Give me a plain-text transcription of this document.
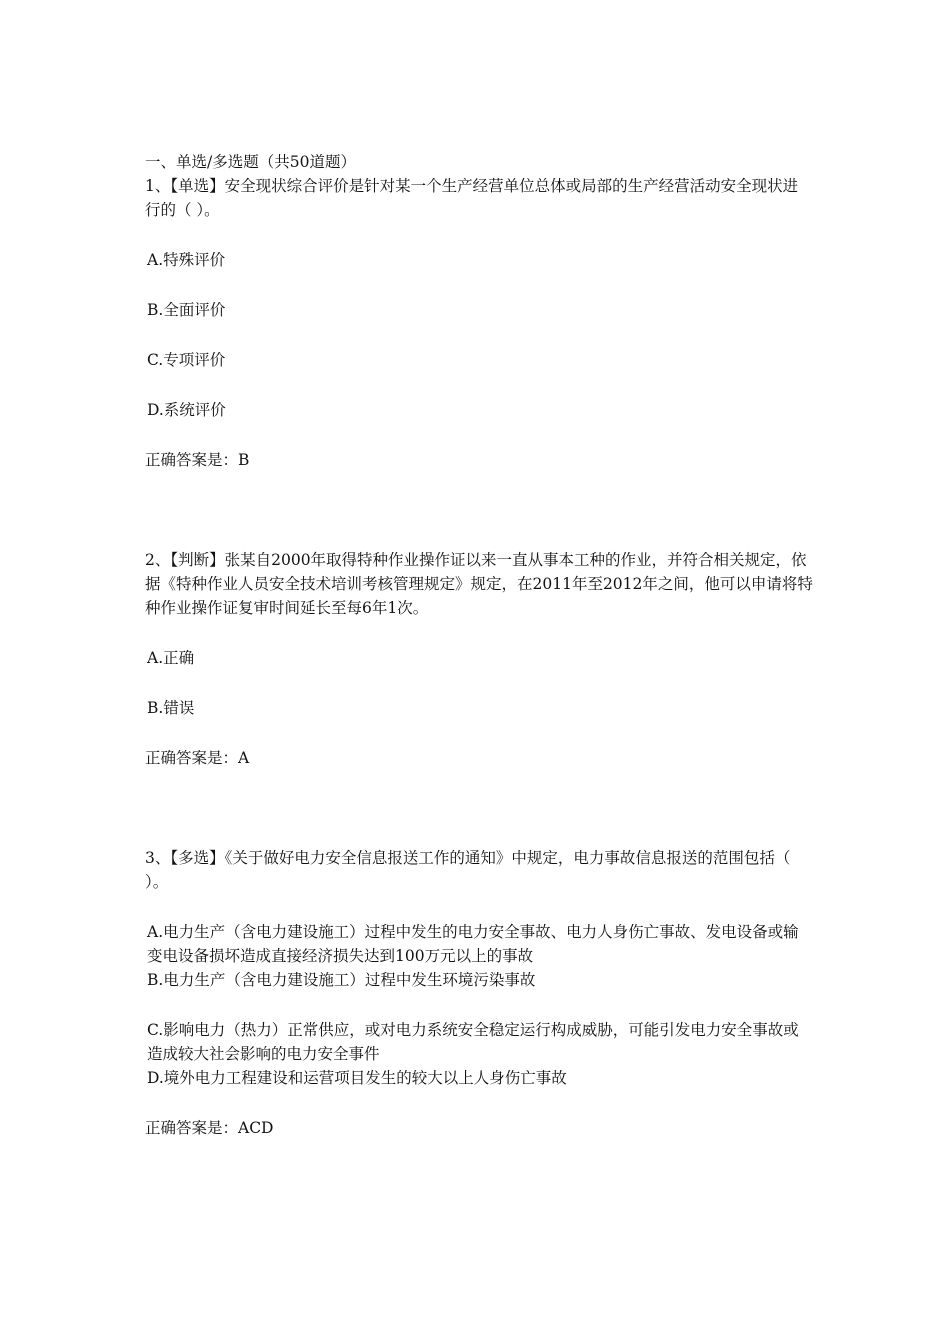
一、单选/多选题（共50道题）

1、【单选】安全现状综合评价是针对某一个生产经营单位总体或局部的生产经营活动安全现状进行的（ ）。

A.特殊评价

B.全面评价

C.专项评价

D.系统评价

正确答案是：B

2、【判断】张某自2000年取得特种作业操作证以来一直从事本工种的作业，并符合相关规定，依据《特种作业人员安全技术培训考核管理规定》规定，在2011年至2012年之间，他可以申请将特种作业操作证复审时间延长至每6年1次。

A.正确

B.错误

正确答案是：A

3、【多选】《关于做好电力安全信息报送工作的通知》中规定，电力事故信息报送的范围包括（ ）。

A.电力生产（含电力建设施工）过程中发生的电力安全事故、电力人身伤亡事故、发电设备或输变电设备损坏造成直接经济损失达到100万元以上的事故

B.电力生产（含电力建设施工）过程中发生环境污染事故

C.影响电力（热力）正常供应，或对电力系统安全稳定运行构成威胁，可能引发电力安全事故或造成较大社会影响的电力安全事件

D.境外电力工程建设和运营项目发生的较大以上人身伤亡事故

正确答案是：ACD
